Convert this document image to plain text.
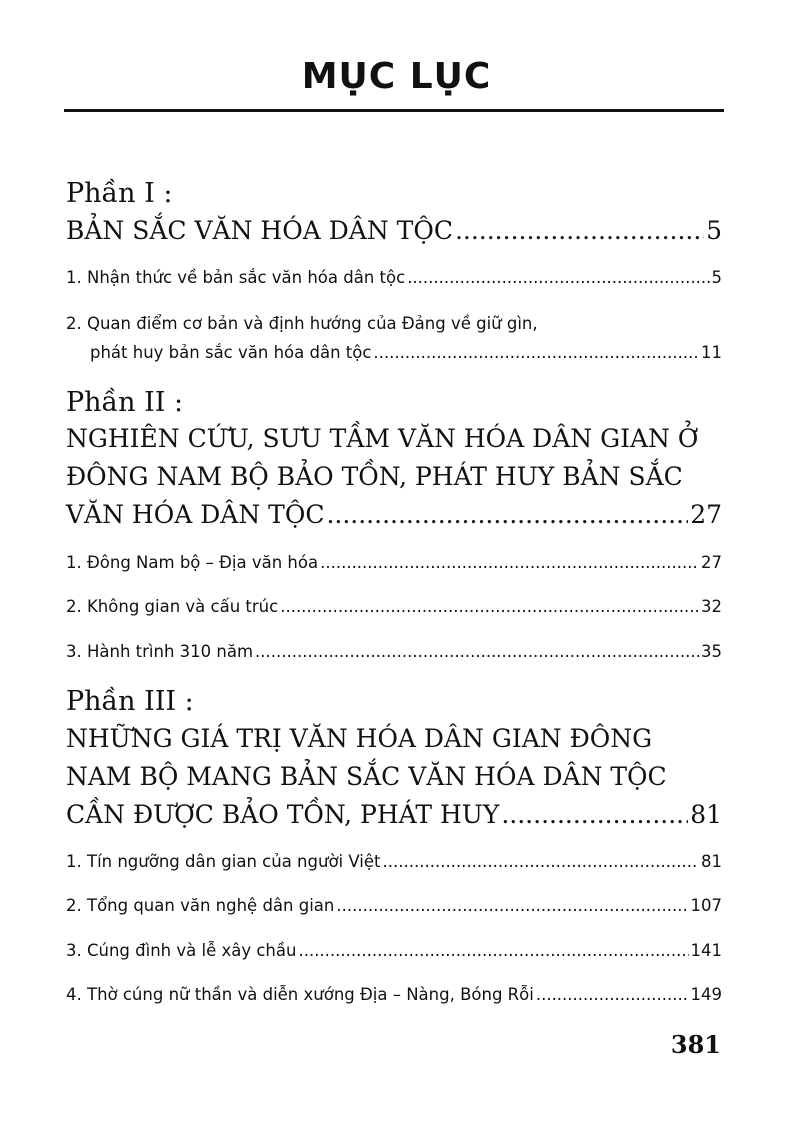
MỤC LỤC
Phần I :
BẢN SẮC VĂN HÓA DÂN TỘC .....	5
1. Nhận thức về bản sắc văn hóa dân tộc .....	5
2. Quan điểm cơ bản và định hướng của Đảng về giữ gìn,
phát huy bản sắc văn hóa dân tộc .....	11
Phần II :
NGHIÊN CỨU, SƯU TẦM VĂN HÓA DÂN GIAN Ở
ĐÔNG NAM BỘ BẢO TỒN, PHÁT HUY BẢN SẮC
VĂN HÓA DÂN TỘC .....	27
1. Đông Nam bộ – Địa văn hóa .....	27
2. Không gian và cấu trúc .....	32
3. Hành trình 310 năm .....	35
Phần III :
NHỮNG GIÁ TRỊ VĂN HÓA DÂN GIAN ĐÔNG
NAM BỘ MANG BẢN SẮC VĂN HÓA DÂN TỘC
CẦN ĐƯỢC BẢO TỒN, PHÁT HUY .....	81
1. Tín ngưỡng dân gian của người Việt .....	81
2. Tổng quan văn nghệ dân gian .....	107
3. Cúng đình và lễ xây chầu .....	141
4. Thờ cúng nữ thần và diễn xướng Địa – Nàng, Bóng Rỗi .....	149
381
